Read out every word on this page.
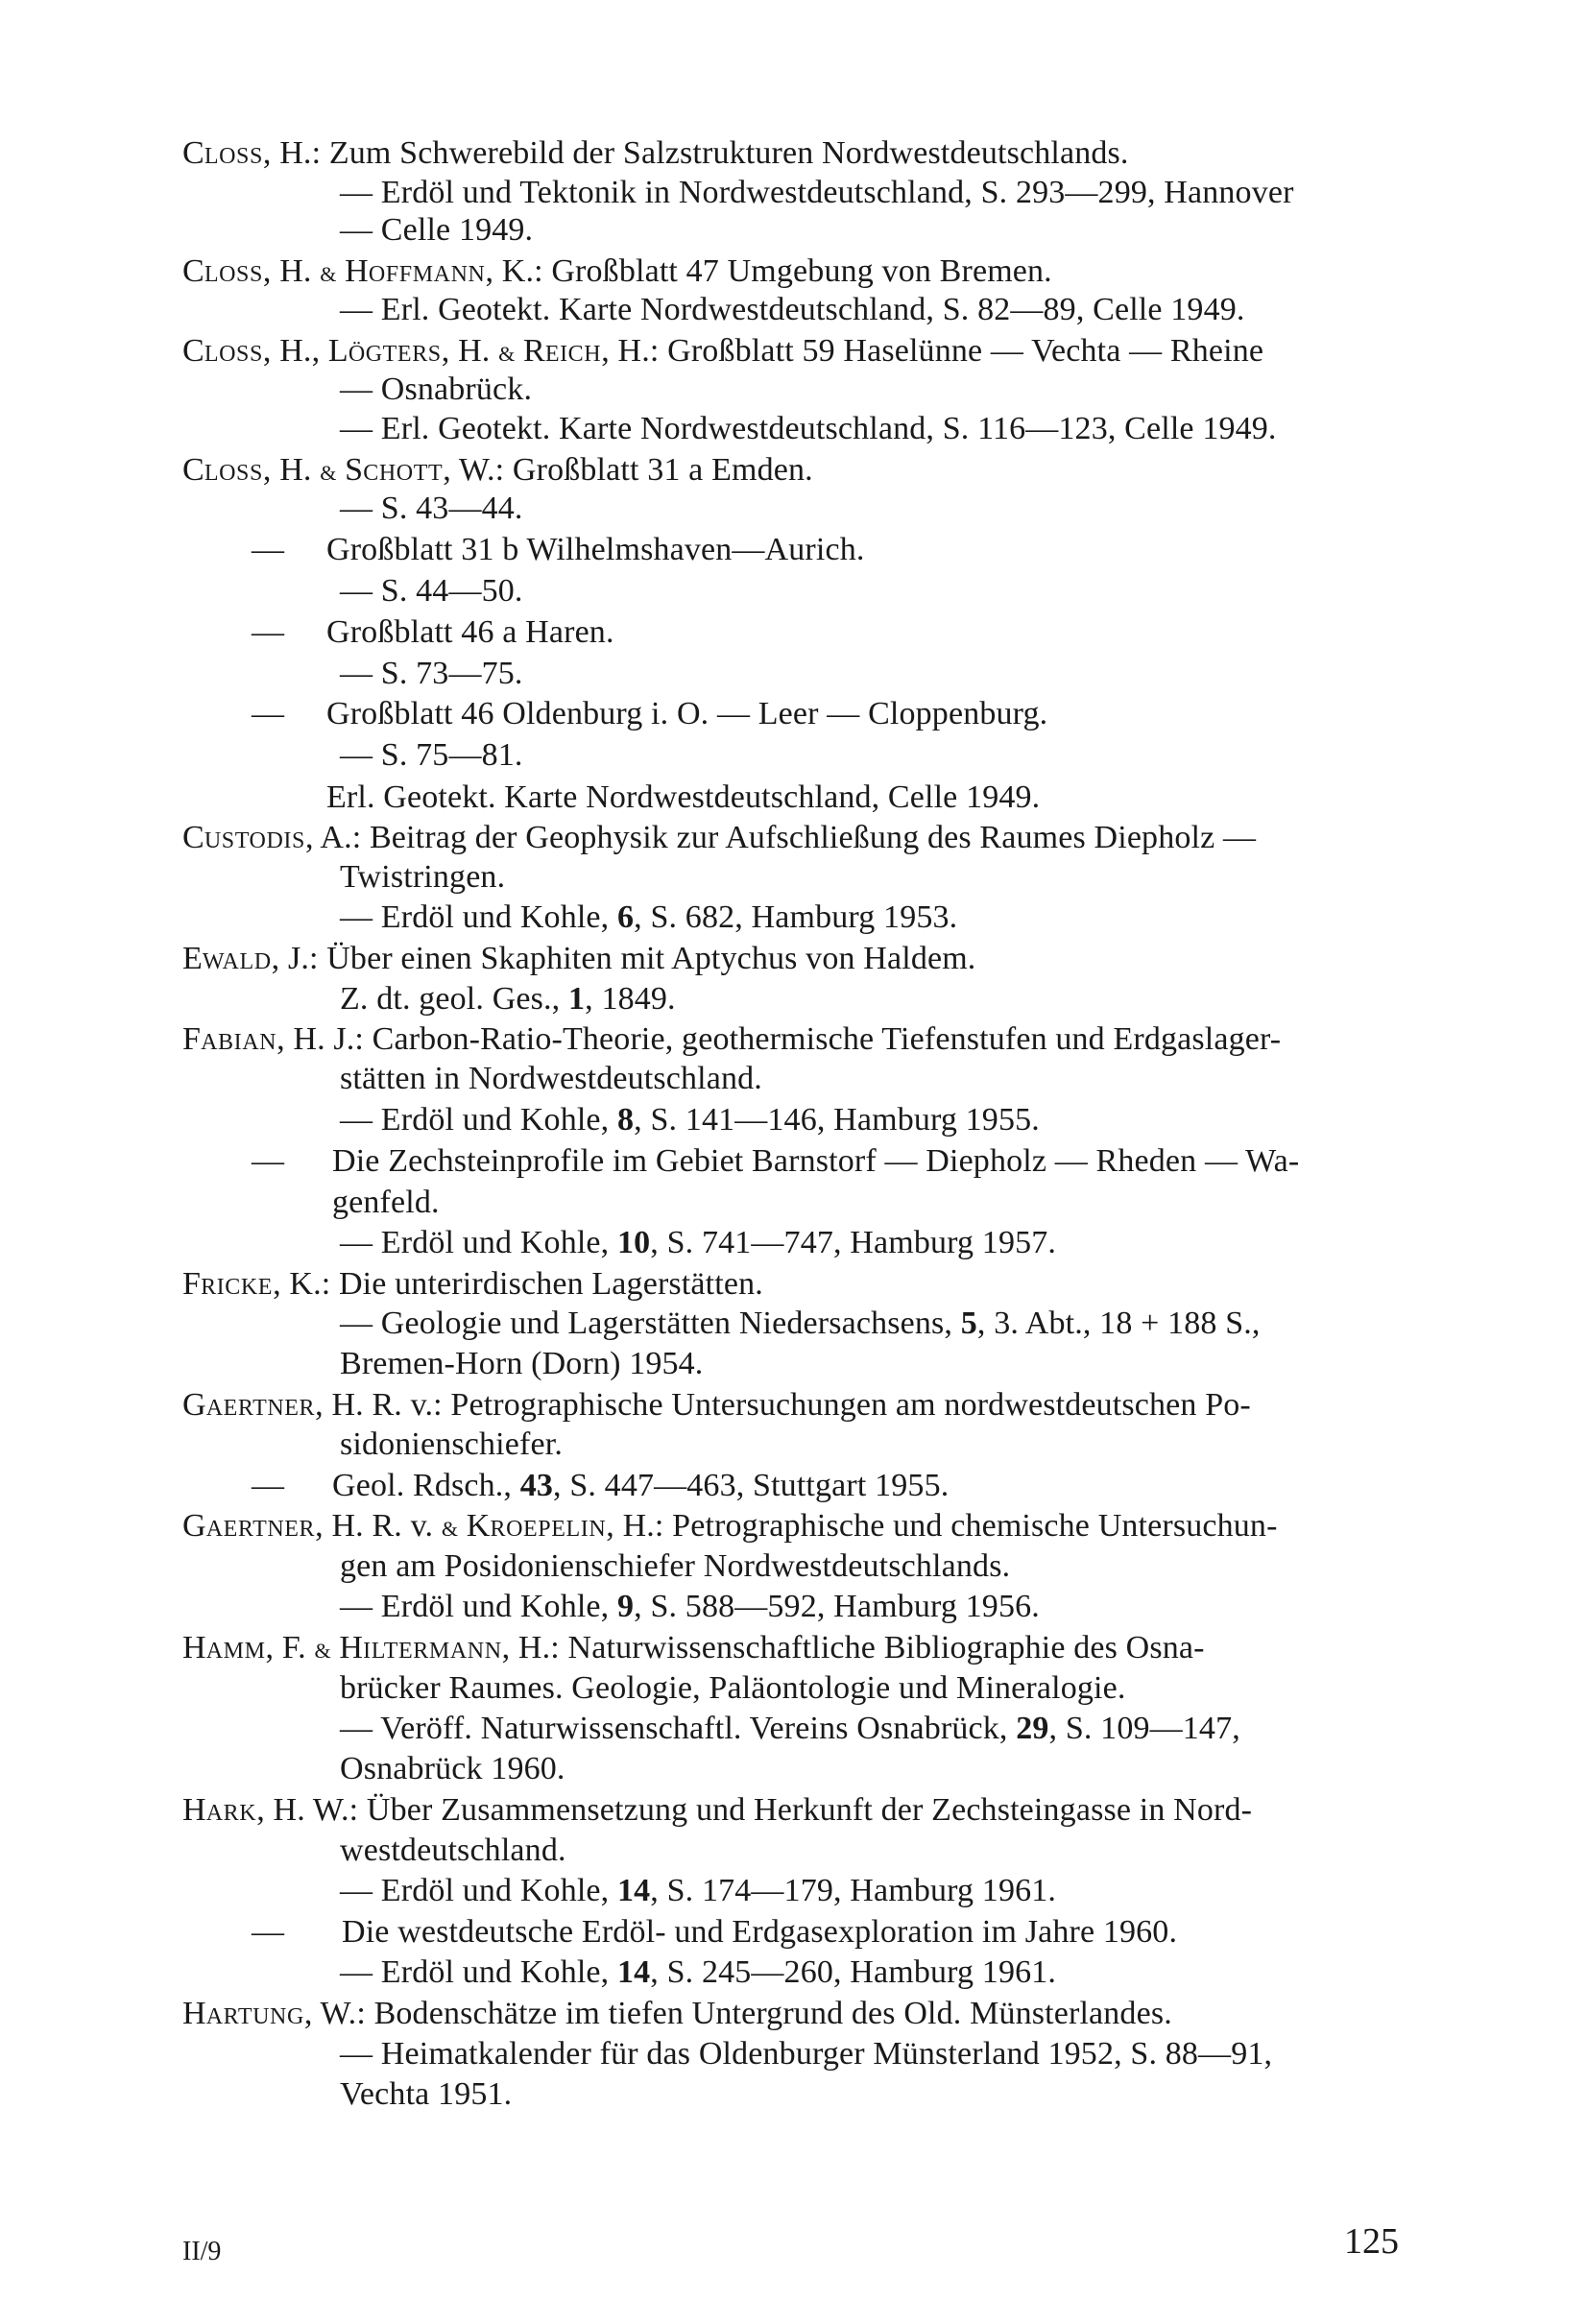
CLOSS, H.: Zum Schwerebild der Salzstrukturen Nordwestdeutschlands.
— Erdöl und Tektonik in Nordwestdeutschland, S. 293—299, Hannover
— Celle 1949.
CLOSS, H. & HOFFMANN, K.: Großblatt 47 Umgebung von Bremen.
— Erl. Geotekt. Karte Nordwestdeutschland, S. 82—89, Celle 1949.
CLOSS, H., LÖGTERS, H. & REICH, H.: Großblatt 59 Haselünne — Vechta — Rheine
— Osnabrück.
— Erl. Geotekt. Karte Nordwestdeutschland, S. 116—123, Celle 1949.
CLOSS, H. & SCHOTT, W.: Großblatt 31 a Emden.
— S. 43—44.
— Großblatt 31 b Wilhelmshaven—Aurich.
— S. 44—50.
— Großblatt 46 a Haren.
— S. 73—75.
— Großblatt 46 Oldenburg i. O. — Leer — Cloppenburg.
— S. 75—81.
Erl. Geotekt. Karte Nordwestdeutschland, Celle 1949.
CUSTODIS, A.: Beitrag der Geophysik zur Aufschließung des Raumes Diepholz —
Twistringen.
— Erdöl und Kohle, 6, S. 682, Hamburg 1953.
EWALD, J.: Über einen Skaphiten mit Aptychus von Haldem.
Z. dt. geol. Ges., 1, 1849.
FABIAN, H. J.: Carbon-Ratio-Theorie, geothermische Tiefenstufen und Erdgaslager-
stätten in Nordwestdeutschland.
— Erdöl und Kohle, 8, S. 141—146, Hamburg 1955.
— Die Zechsteinprofile im Gebiet Barnstorf — Diepholz — Rheden — Wa-
genfeld.
— Erdöl und Kohle, 10, S. 741—747, Hamburg 1957.
FRICKE, K.: Die unterirdischen Lagerstätten.
— Geologie und Lagerstätten Niedersachsens, 5, 3. Abt., 18 + 188 S.,
Bremen-Horn (Dorn) 1954.
GAERTNER, H. R. v.: Petrographische Untersuchungen am nordwestdeutschen Po-
sidonienschiefer.
— Geol. Rdsch., 43, S. 447—463, Stuttgart 1955.
GAERTNER, H. R. v. & KROEPELIN, H.: Petrographische und chemische Untersuchun-
gen am Posidonienschiefer Nordwestdeutschlands.
— Erdöl und Kohle, 9, S. 588—592, Hamburg 1956.
HAMM, F. & HILTERMANN, H.: Naturwissenschaftliche Bibliographie des Osna-
brücker Raumes. Geologie, Paläontologie und Mineralogie.
— Veröff. Naturwissenschaftl. Vereins Osnabrück, 29, S. 109—147,
Osnabrück 1960.
HARK, H. W.: Über Zusammensetzung und Herkunft der Zechsteingasse in Nord-
westdeutschland.
— Erdöl und Kohle, 14, S. 174—179, Hamburg 1961.
— Die westdeutsche Erdöl- und Erdgasexploration im Jahre 1960.
— Erdöl und Kohle, 14, S. 245—260, Hamburg 1961.
HARTUNG, W.: Bodenschätze im tiefen Untergrund des Old. Münsterlandes.
— Heimatkalender für das Oldenburger Münsterland 1952, S. 88—91,
Vechta 1951.
II/9	125
